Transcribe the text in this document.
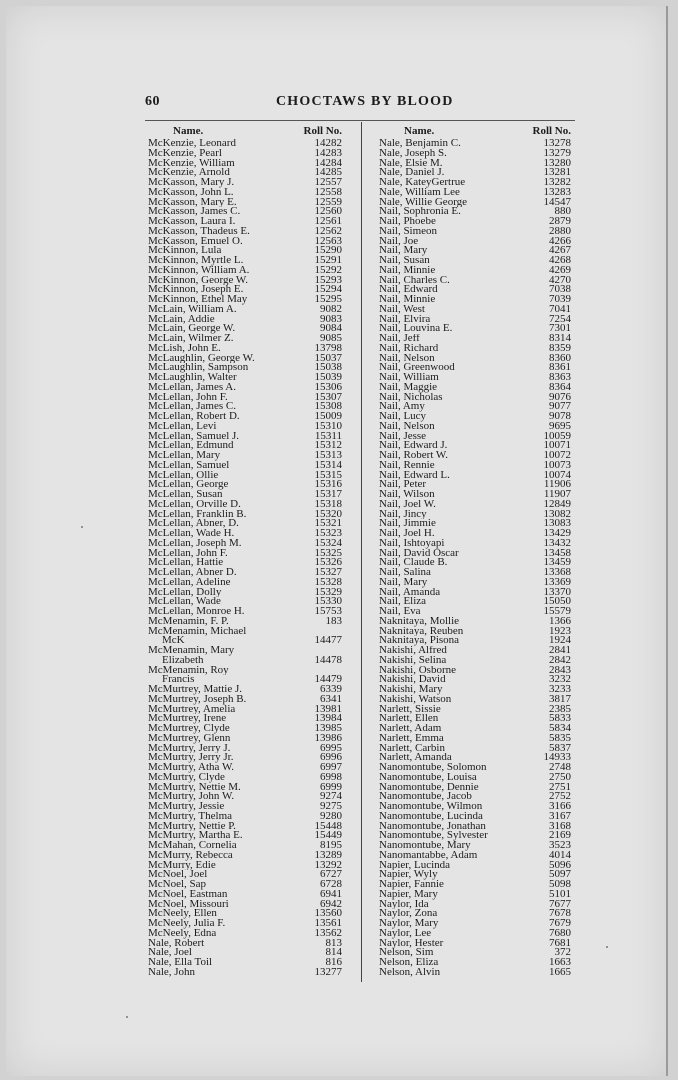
60	CHOCTAWS BY BLOOD
Name.	Roll No.
McKenzie, Leonard	14282
McKenzie, Pearl	14283
McKenzie, William	14284
McKenzie, Arnold	14285
McKasson, Mary J.	12557
McKasson, John L.	12558
McKasson, Mary E.	12559
McKasson, James C.	12560
McKasson, Laura I.	12561
McKasson, Thadeus E.	12562
McKasson, Emuel O.	12563
McKinnon, Lula	15290
McKinnon, Myrtle L.	15291
McKinnon, William A.	15292
McKinnon, George W.	15293
McKinnon, Joseph E.	15294
McKinnon, Ethel May	15295
McLain, William A.	9082
McLain, Addie	9083
McLain, George W.	9084
McLain, Wilmer Z.	9085
McLish, John E.	13798
McLaughlin, George W.	15037
McLaughlin, Sampson	15038
McLaughlin, Walter	15039
McLellan, James A.	15306
McLellan, John F.	15307
McLellan, James C.	15308
McLellan, Robert D.	15009
McLellan, Levi	15310
McLellan, Samuel J.	15311
McLellan, Edmund	15312
McLellan, Mary	15313
McLellan, Samuel	15314
McLellan, Ollie	15315
McLellan, George	15316
McLellan, Susan	15317
McLellan, Orville D.	15318
McLellan, Franklin B.	15320
McLellan, Abner, D.	15321
McLellan, Wade H.	15323
McLellan, Joseph M.	15324
McLellan, John F.	15325
McLellan, Hattie	15326
McLellan, Abner D.	15327
McLellan, Adeline	15328
McLellan, Dolly	15329
McLellan, Wade	15330
McLellan, Monroe H.	15753
McMenamin, F. P.	183
McMenamin, Michael
McK	14477
McMenamin, Mary
Elizabeth	14478
McMenamin, Roy
Francis	14479
McMurtrey, Mattie J.	6339
McMurtrey, Joseph B.	6341
McMurtrey, Amelia	13981
McMurtrey, Irene	13984
McMurtrey, Clyde	13985
McMurtrey, Glenn	13986
McMurtry, Jerry J.	6995
McMurtry, Jerry Jr.	6996
McMurtry, Atha W.	6997
McMurtry, Clyde	6998
McMurtry, Nettie M.	6999
McMurtry, John W.	9274
McMurtry, Jessie	9275
McMurtry, Thelma	9280
McMurtry, Nettie P.	15448
McMurtry, Martha E.	15449
McMahan, Cornelia	8195
McMurry, Rebecca	13289
McMurry, Edie	13292
McNoel, Joel	6727
McNoel, Sap	6728
McNoel, Eastman	6941
McNoel, Missouri	6942
McNeely, Ellen	13560
McNeely, Julia F.	13561
McNeely, Edna	13562
Nale, Robert	813
Nale, Joel	814
Nale, Ella Toil	816
Nale, John	13277
Name.	Roll No.
Nale, Benjamin C.	13278
Nale, Joseph S.	13279
Nale, Elsie M.	13280
Nale, Daniel J.	13281
Nale, KateyGertrue	13282
Nale, William Lee	13283
Nale, Willie George	14547
Nail, Sophronia E.	880
Nail, Phoebe	2879
Nail, Simeon	2880
Nail, Joe	4266
Nail, Mary	4267
Nail, Susan	4268
Nail, Minnie	4269
Nail, Charles C.	4270
Nail, Edward	7038
Nail, Minnie	7039
Nail, West	7041
Nail, Elvira	7254
Nail, Louvina E.	7301
Nail, Jeff	8314
Nail, Richard	8359
Nail, Nelson	8360
Nail, Greenwood	8361
Nail, William	8363
Nail, Maggie	8364
Nail, Nicholas	9076
Nail, Amy	9077
Nail, Lucy	9078
Nail, Nelson	9695
Nail, Jesse	10059
Nail, Edward J.	10071
Nail, Robert W.	10072
Nail, Rennie	10073
Nail, Edward L.	10074
Nail, Peter	11906
Nail, Wilson	11907
Nail, Joel W.	12849
Nail, Jincy	13082
Nail, Jimmie	13083
Nail, Joel H.	13429
Nail, Ishtoyapi	13432
Nail, David Oscar	13458
Nail, Claude B.	13459
Nail, Salina	13368
Nail, Mary	13369
Nail, Amanda	13370
Nail, Eliza	15050
Nail, Eva	15579
Naknitaya, Mollie	1366
Naknitaya, Reuben	1923
Naknitaya, Pisona	1924
Nakishi, Alfred	2841
Nakishi, Selina	2842
Nakishi, Osborne	2843
Nakishi, David	3232
Nakishi, Mary	3233
Nakishi, Watson	3817
Narlett, Sissie	2385
Narlett, Ellen	5833
Narlett, Adam	5834
Narlett, Emma	5835
Narlett, Carbin	5837
Narlett, Amanda	14933
Nanomontube, Solomon	2748
Nanomontube, Louisa	2750
Nanomontube, Dennie	2751
Nanomontube, Jacob	2752
Nanomontube, Wilmon	3166
Nanomontube, Lucinda	3167
Nanomontube, Jonathan	3168
Nanomontube, Sylvester	2169
Nanomontube, Mary	3523
Nanomantabbe, Adam	4014
Napier, Lucinda	5096
Napier, Wyly	5097
Napier, Fannie	5098
Napier, Mary	5101
Naylor, Ida	7677
Naylor, Zona	7678
Naylor, Mary	7679
Naylor, Lee	7680
Naylor, Hester	7681
Nelson, Sim	372
Nelson, Eliza	1663
Nelson, Alvin	1665
